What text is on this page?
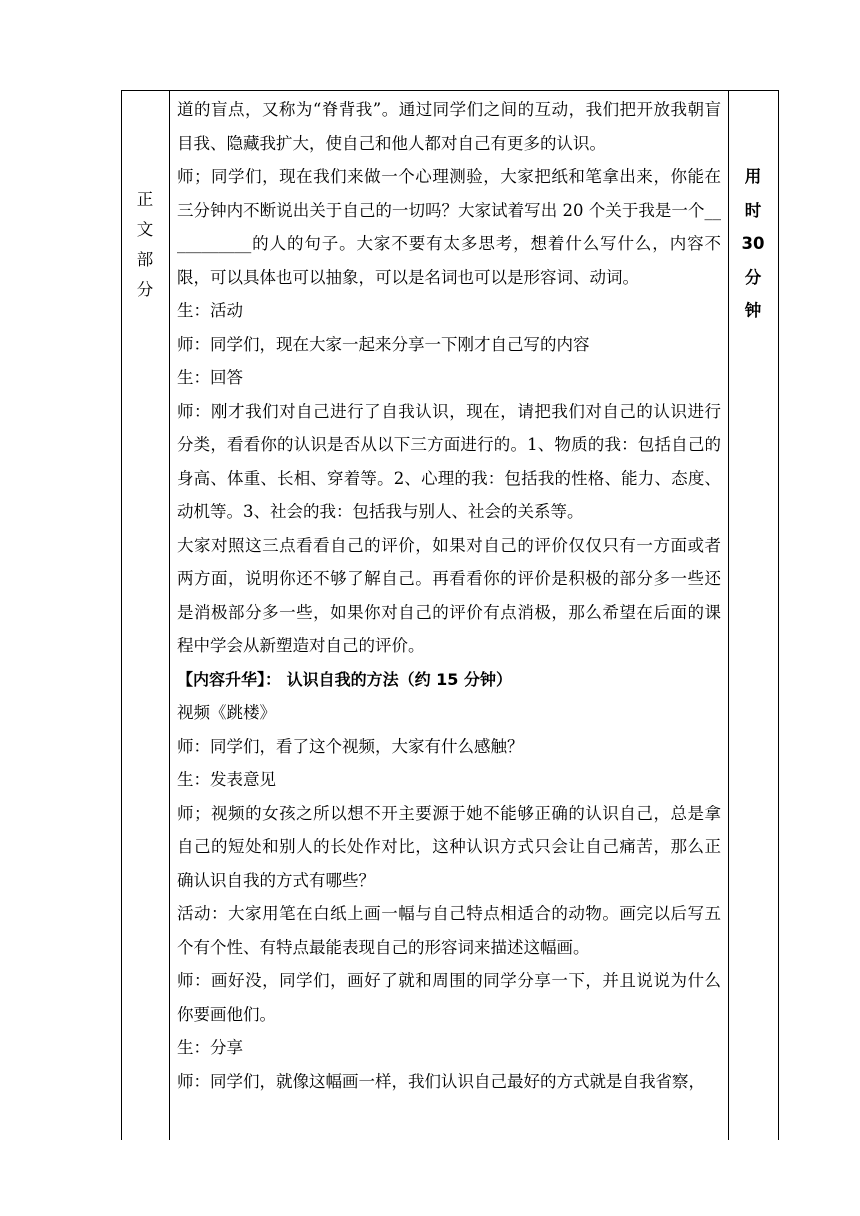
正
文
部
分

道的盲点，又称为“脊背我”。通过同学们之间的互动，我们把开放我朝盲目我、隐藏我扩大，使自己和他人都对自己有更多的认识。

师；同学们，现在我们来做一个心理测验，大家把纸和笔拿出来，你能在三分钟内不断说出关于自己的一切吗？大家试着写出 20 个关于我是一个___________的人的句子。大家不要有太多思考，想着什么写什么，内容不限，可以具体也可以抽象，可以是名词也可以是形容词、动词。

生：活动

师：同学们，现在大家一起来分享一下刚才自己写的内容

生：回答

师：刚才我们对自己进行了自我认识，现在，请把我们对自己的认识进行分类，看看你的认识是否从以下三方面进行的。1、物质的我：包括自己的身高、体重、长相、穿着等。2、心理的我：包括我的性格、能力、态度、动机等。3、社会的我：包括我与别人、社会的关系等。

大家对照这三点看看自己的评价，如果对自己的评价仅仅只有一方面或者两方面，说明你还不够了解自己。再看看你的评价是积极的部分多一些还是消极部分多一些，如果你对自己的评价有点消极，那么希望在后面的课程中学会从新塑造对自己的评价。

【内容升华】： 认识自我的方法（约 15 分钟）

视频《跳楼》

师：同学们，看了这个视频，大家有什么感触？

生：发表意见

师；视频的女孩之所以想不开主要源于她不能够正确的认识自己，总是拿自己的短处和别人的长处作对比，这种认识方式只会让自己痛苦，那么正确认识自我的方式有哪些？

活动：大家用笔在白纸上画一幅与自己特点相适合的动物。画完以后写五个有个性、有特点最能表现自己的形容词来描述这幅画。

师：画好没，同学们，画好了就和周围的同学分享一下，并且说说为什么你要画他们。

生：分享

师：同学们，就像这幅画一样，我们认识自己最好的方式就是自我省察，

用
时
30
分
钟
